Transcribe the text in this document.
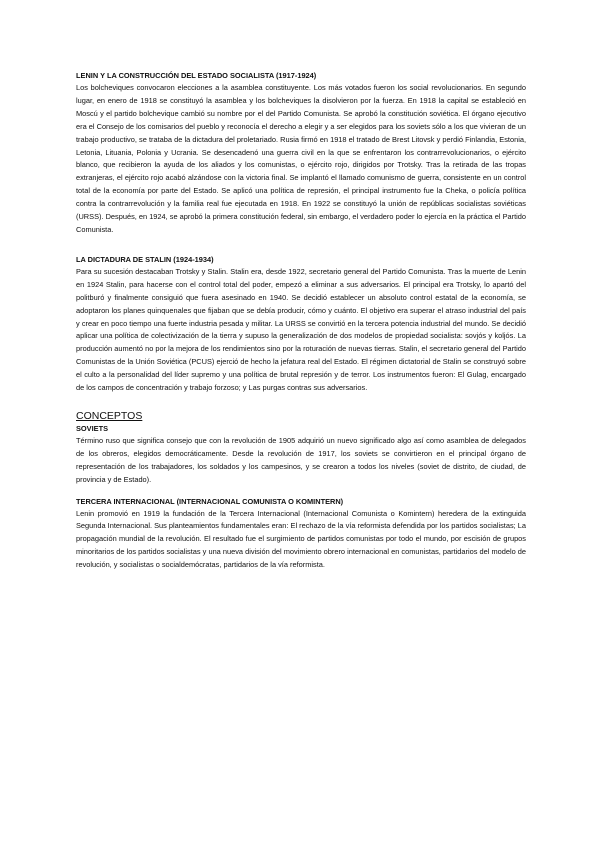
LENIN Y LA CONSTRUCCIÓN DEL ESTADO SOCIALISTA (1917-1924)

Los bolcheviques convocaron elecciones a la asamblea constituyente. Los más votados fueron los social revolucionarios. En segundo lugar, en enero de 1918 se constituyó la asamblea y los bolcheviques la disolvieron por la fuerza. En 1918 la capital se estableció en Moscú y el partido bolchevique cambió su nombre por el del Partido Comunista. Se aprobó la constitución soviética. El órgano ejecutivo era el Consejo de los comisarios del pueblo y reconocía el derecho a elegir y a ser elegidos para los soviets sólo a los que vivieran de un trabajo productivo, se trataba de la dictadura del proletariado. Rusia firmó en 1918 el tratado de Brest Litovsk y perdió Finlandia, Estonia, Letonia, Lituania, Polonia y Ucrania. Se desencadenó una guerra civil en la que se enfrentaron los contrarrevolucionarios, o ejército blanco, que recibieron la ayuda de los aliados y los comunistas, o ejército rojo, dirigidos por Trotsky. Tras la retirada de las tropas extranjeras, el ejército rojo acabó alzándose con la victoria final. Se implantó el llamado comunismo de guerra, consistente en un control total de la economía por parte del Estado. Se aplicó una política de represión, el principal instrumento fue la Cheka, o policía política contra la contrarrevolución y la familia real fue ejecutada en 1918. En 1922 se constituyó la unión de repúblicas socialistas soviéticas (URSS). Después, en 1924, se aprobó la primera constitución federal, sin embargo, el verdadero poder lo ejercía en la práctica el Partido Comunista.

LA DICTADURA DE STALIN (1924-1934)

Para su sucesión destacaban Trotsky y Stalin. Stalin era, desde 1922, secretario general del Partido Comunista. Tras la muerte de Lenin en 1924 Stalin, para hacerse con el control total del poder, empezó a eliminar a sus adversarios. El principal era Trotsky, lo apartó del politburó y finalmente consiguió que fuera asesinado en 1940. Se decidió establecer un absoluto control estatal de la economía, se adoptaron los planes quinquenales que fijaban que se debía producir, cómo y cuánto. El objetivo era superar el atraso industrial del país y crear en poco tiempo una fuerte industria pesada y militar. La URSS se convirtió en la tercera potencia industrial del mundo. Se decidió aplicar una política de colectivización de la tierra y supuso la generalización de dos modelos de propiedad socialista: sovjós y koljós. La producción aumentó no por la mejora de los rendimientos sino por la roturación de nuevas tierras. Stalin, el secretario general del Partido Comunistas de la Unión Soviética (PCUS) ejerció de hecho la jefatura real del Estado. El régimen dictatorial de Stalin se construyó sobre el culto a la personalidad del líder supremo y una política de brutal represión y de terror. Los instrumentos fueron: El Gulag, encargado de los campos de concentración y trabajo forzoso; y Las purgas contras sus adversarios.

CONCEPTOS

SOVIETS

Término ruso que significa consejo que con la revolución de 1905 adquirió un nuevo significado algo así como asamblea de delegados de los obreros, elegidos democráticamente. Desde la revolución de 1917, los soviets se convirtieron en el principal órgano de representación de los trabajadores, los soldados y los campesinos, y se crearon a todos los niveles (soviet de distrito, de ciudad, de provincia y de Estado).

TERCERA INTERNACIONAL (INTERNACIONAL COMUNISTA O KOMINTERN)

Lenin promovió en 1919 la fundación de la Tercera Internacional (Internacional Comunista o Komintern) heredera de la extinguida Segunda Internacional. Sus planteamientos fundamentales eran: El rechazo de la vía reformista defendida por los partidos socialistas; La propagación mundial de la revolución. El resultado fue el surgimiento de partidos comunistas por todo el mundo, por escisión de grupos minoritarios de los partidos socialistas y una nueva división del movimiento obrero internacional en comunistas, partidarios del modelo de revolución, y socialistas o socialdemócratas, partidarios de la vía reformista.
